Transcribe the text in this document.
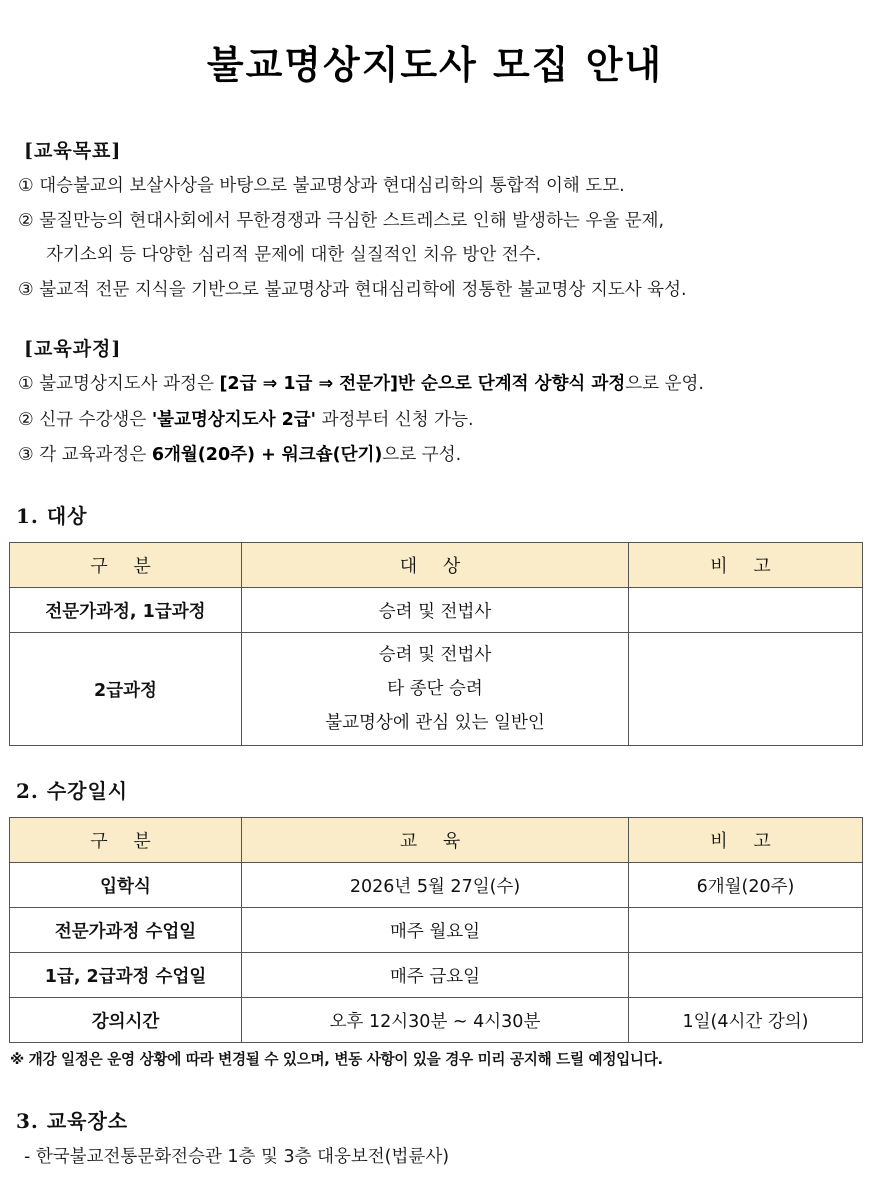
불교명상지도사 모집 안내
[교육목표]
① 대승불교의 보살사상을 바탕으로 불교명상과 현대심리학의 통합적 이해 도모.
② 물질만능의 현대사회에서 무한경쟁과 극심한 스트레스로 인해 발생하는 우울 문제,
자기소외 등 다양한 심리적 문제에 대한 실질적인 치유 방안 전수.
③ 불교적 전문 지식을 기반으로 불교명상과 현대심리학에 정통한 불교명상 지도사 육성.
[교육과정]
① 불교명상지도사 과정은 [2급 ⇒ 1급 ⇒ 전문가]반 순으로 단계적 상향식 과정으로 운영.
② 신규 수강생은 '불교명상지도사 2급' 과정부터 신청 가능.
③ 각 교육과정은 6개월(20주) + 워크숍(단기)으로 구성.
1. 대상
구 분	대 상	비 고
전문가과정, 1급과정	승려 및 전법사	
2급과정	승려 및 전법사
타 종단 승려
불교명상에 관심 있는 일반인	

2. 수강일시
구 분	교 육	비 고
입학식	2026년 5월 27일(수)	6개월(20주)
전문가과정 수업일	매주 월요일	
1급, 2급과정 수업일	매주 금요일	
강의시간	오후 12시30분 ~ 4시30분	1일(4시간 강의)
※ 개강 일정은 운영 상황에 따라 변경될 수 있으며, 변동 사항이 있을 경우 미리 공지해 드릴 예정입니다.
3. 교육장소
- 한국불교전통문화전승관 1층 및 3층 대웅보전(법륜사)
